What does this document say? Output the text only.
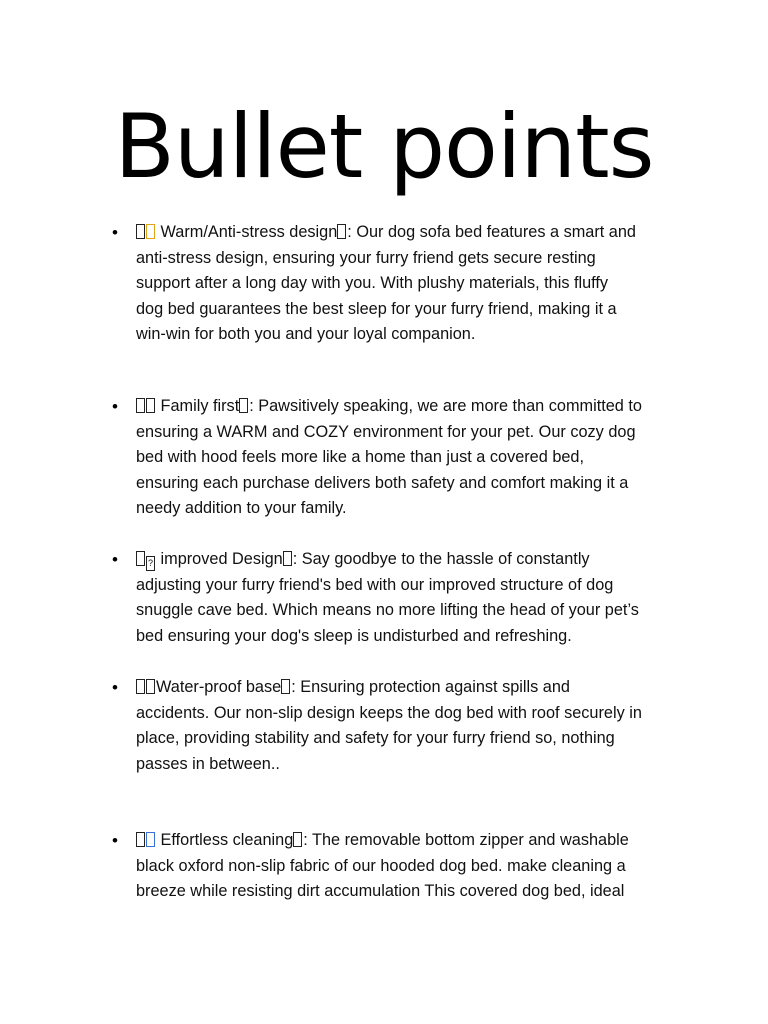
Bullet points
•	Warm/Anti-stress design : Our dog sofa bed features a smart and
anti-stress design, ensuring your furry friend gets secure resting
support after a long day with you. With plushy materials, this fluffy
dog bed guarantees the best sleep for your furry friend, making it a
win-win for both you and your loyal companion.
•	Family first : Pawsitively speaking, we are more than committed to
ensuring a WARM and COZY environment for your pet. Our cozy dog
bed with hood feels more like a home than just a covered bed,
ensuring each purchase delivers both safety and comfort making it a
needy addition to your family.
•	? improved Design : Say goodbye to the hassle of constantly
adjusting your furry friend's bed with our improved structure of dog
snuggle cave bed. Which means no more lifting the head of your pet’s
bed ensuring your dog's sleep is undisturbed and refreshing.
•	Water-proof base : Ensuring protection against spills and
accidents. Our non-slip design keeps the dog bed with roof securely in
place, providing stability and safety for your furry friend so, nothing
passes in between..
•	Effortless cleaning : The removable bottom zipper and washable
black oxford non-slip fabric of our hooded dog bed. make cleaning a
breeze while resisting dirt accumulation This covered dog bed, ideal
